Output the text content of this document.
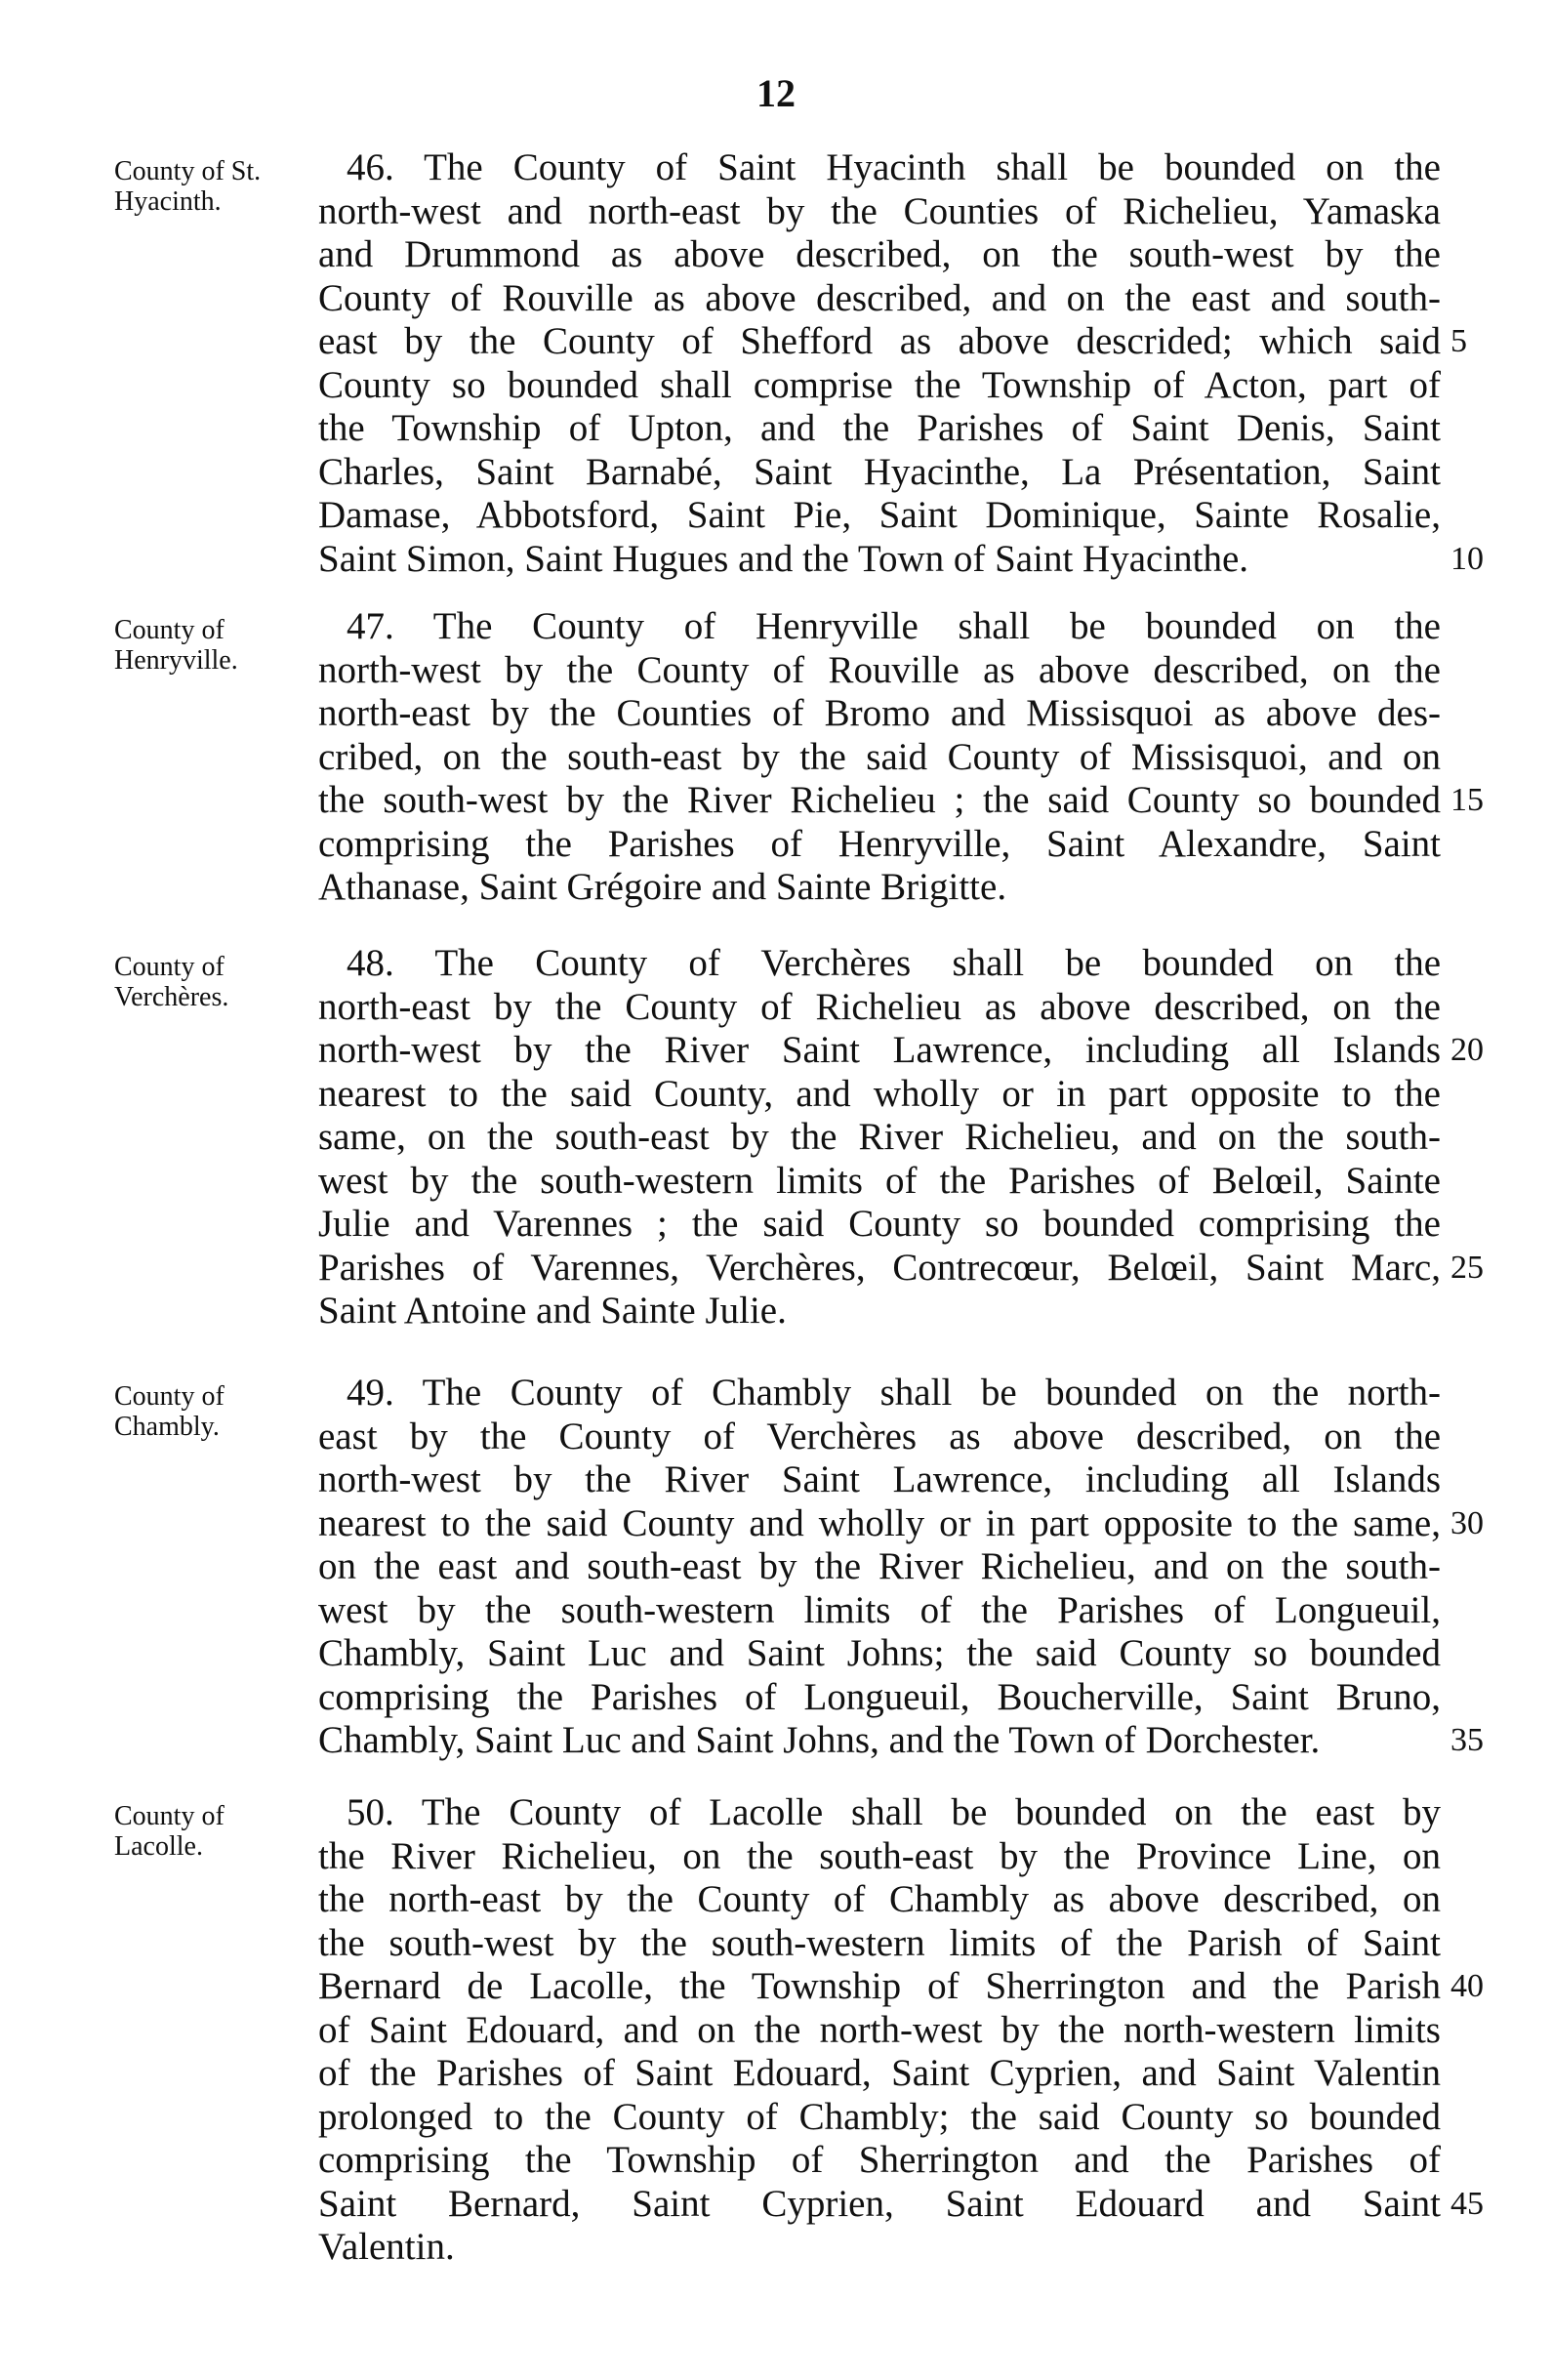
12
County of St.
Hyacinth.
46. The County of Saint Hyacinth shall be bounded on the
north-west and north-east by the Counties of Richelieu, Yamaska
and Drummond as above described, on the south-west by the
County of Rouville as above described, and on the east and south-
east by the County of Shefford as above descrided; which said 5
County so bounded shall comprise the Township of Acton, part of
the Township of Upton, and the Parishes of Saint Denis, Saint
Charles, Saint Barnabé, Saint Hyacinthe, La Présentation, Saint
Damase, Abbotsford, Saint Pie, Saint Dominique, Sainte Rosalie,
Saint Simon, Saint Hugues and the Town of Saint Hyacinthe.	10
County of
Henryville.
47. The County of Henryville shall be bounded on the
north-west by the County of Rouville as above described, on the
north-east by the Counties of Bromo and Missisquoi as above des-
cribed, on the south-east by the said County of Missisquoi, and on
the south-west by the River Richelieu ; the said County so bounded 15
comprising the Parishes of Henryville, Saint Alexandre, Saint
Athanase, Saint Grégoire and Sainte Brigitte.
County of
Verchères.
48. The County of Verchères shall be bounded on the
north-east by the County of Richelieu as above described, on the
north-west by the River Saint Lawrence, including all Islands 20
nearest to the said County, and wholly or in part opposite to the
same, on the south-east by the River Richelieu, and on the south-
west by the south-western limits of the Parishes of Belœil, Sainte
Julie and Varennes ; the said County so bounded comprising the
Parishes of Varennes, Verchères, Contrecœur, Belœil, Saint Marc, 25
Saint Antoine and Sainte Julie.
County of
Chambly.
49. The County of Chambly shall be bounded on the north-
east by the County of Verchères as above described, on the
north-west by the River Saint Lawrence, including all Islands
nearest to the said County and wholly or in part opposite to the same, 30
on the east and south-east by the River Richelieu, and on the south-
west by the south-western limits of the Parishes of Longueuil,
Chambly, Saint Luc and Saint Johns; the said County so bounded
comprising the Parishes of Longueuil, Boucherville, Saint Bruno,
Chambly, Saint Luc and Saint Johns, and the Town of Dorchester.	35
County of
Lacolle.
50. The County of Lacolle shall be bounded on the east by
the River Richelieu, on the south-east by the Province Line, on
the north-east by the County of Chambly as above described, on
the south-west by the south-western limits of the Parish of Saint
Bernard de Lacolle, the Township of Sherrington and the Parish 40
of Saint Edouard, and on the north-west by the north-western limits
of the Parishes of Saint Edouard, Saint Cyprien, and Saint Valentin
prolonged to the County of Chambly; the said County so bounded
comprising the Township of Sherrington and the Parishes of
Saint Bernard, Saint Cyprien, Saint Edouard and Saint 45
Valentin.
